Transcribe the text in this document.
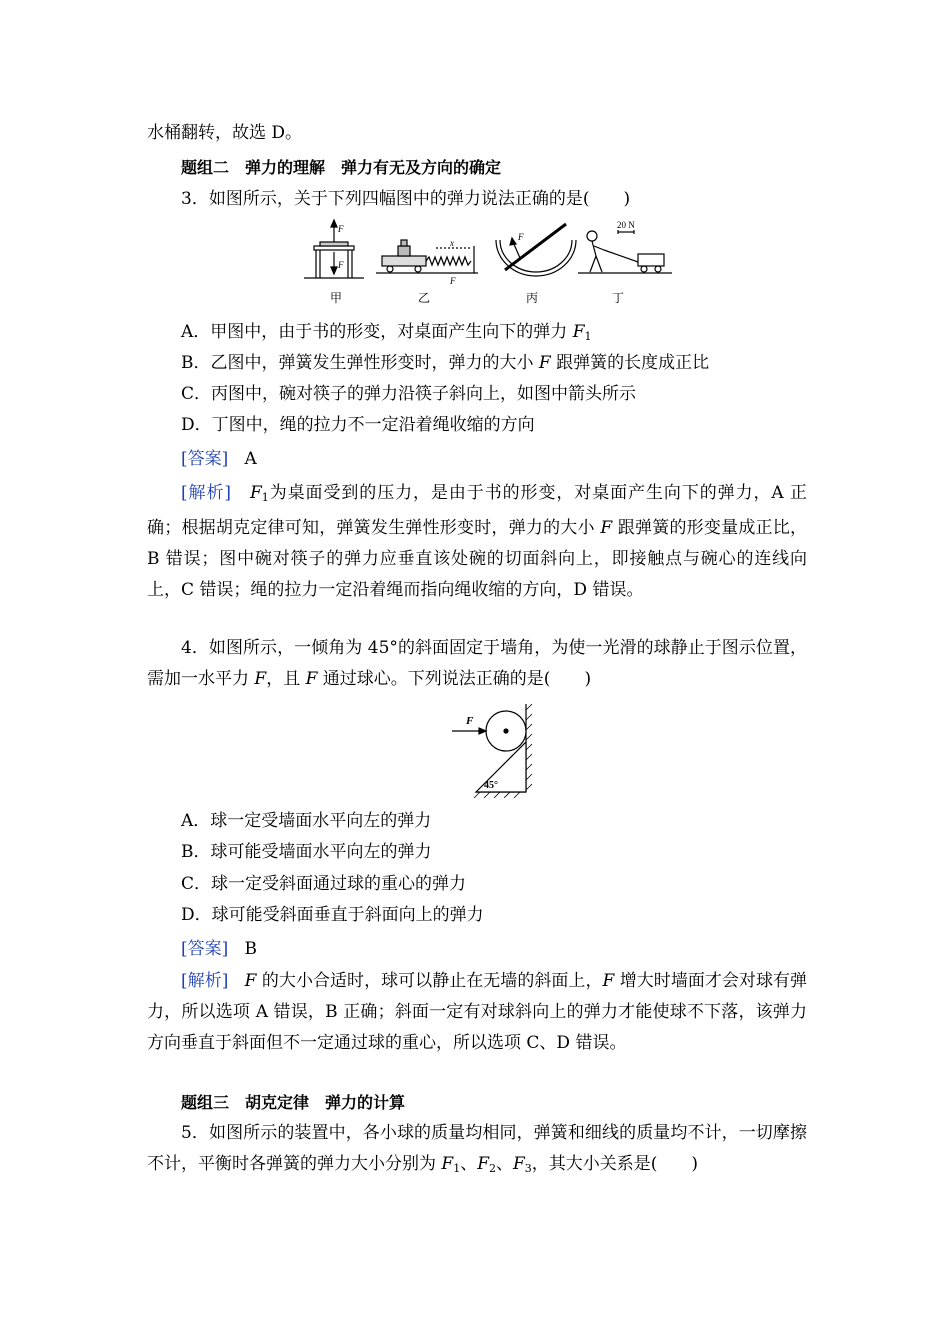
水桶翻转，故选 D。
题组二　弹力的理解　弹力有无及方向的确定
3．如图所示，关于下列四幅图中的弹力说法正确的是(　　)
F
F
甲
x
F
乙
F
丙
20 N
丁
A．甲图中，由于书的形变，对桌面产生向下的弹力 $F_1$
B．乙图中，弹簧发生弹性形变时，弹力的大小 F 跟弹簧的长度成正比
C．丙图中，碗对筷子的弹力沿筷子斜向上，如图中箭头所示
D．丁图中，绳的拉力不一定沿着绳收缩的方向
[答案] A
[解析] $F_1$为桌面受到的压力，是由于书的形变，对桌面产生向下的弹力，A 正确；根据胡克定律可知，弹簧发生弹性形变时，弹力的大小 F 跟弹簧的形变量成正比，B 错误；图中碗对筷子的弹力应垂直该处碗的切面斜向上，即接触点与碗心的连线向上，C 错误；绳的拉力一定沿着绳而指向绳收缩的方向，D 错误。
4．如图所示，一倾角为 45°的斜面固定于墙角，为使一光滑的球静止于图示位置，需加一水平力 F，且 F 通过球心。下列说法正确的是(　　)
F
45°
A．球一定受墙面水平向左的弹力
B．球可能受墙面水平向左的弹力
C．球一定受斜面通过球的重心的弹力
D．球可能受斜面垂直于斜面向上的弹力
[答案] B
[解析] F 的大小合适时，球可以静止在无墙的斜面上，F 增大时墙面才会对球有弹力，所以选项 A 错误，B 正确；斜面一定有对球斜向上的弹力才能使球不下落，该弹力方向垂直于斜面但不一定通过球的重心，所以选项 C、D 错误。
题组三　胡克定律　弹力的计算
5．如图所示的装置中，各小球的质量均相同，弹簧和细线的质量均不计，一切摩擦不计，平衡时各弹簧的弹力大小分别为 $F_1$、$F_2$、$F_3$，其大小关系是(　　)
